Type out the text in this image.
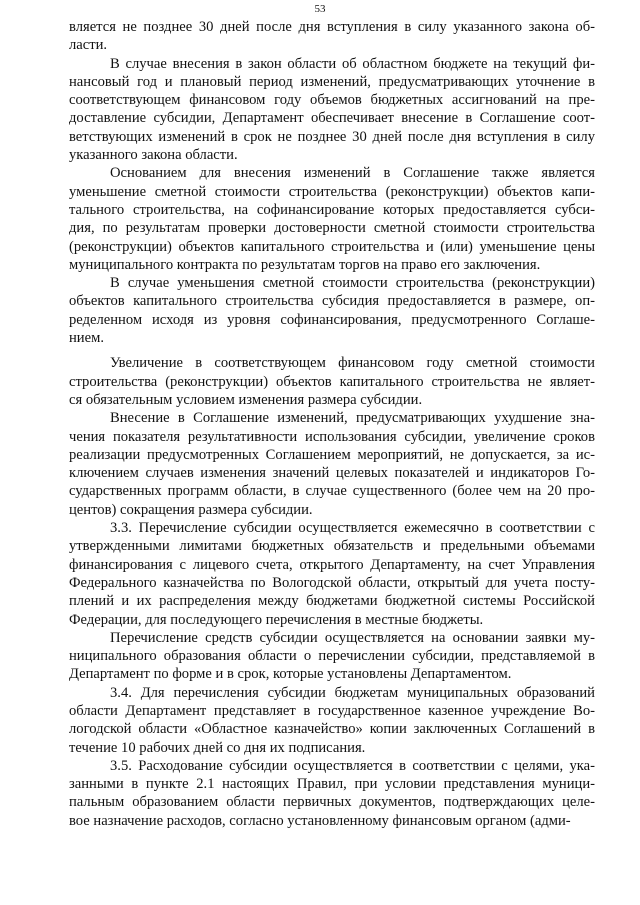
53
вляется не позднее 30 дней после дня вступления в силу указанного закона об-
ласти.
В случае внесения в закон области об областном бюджете на текущий фи-
нансовый год и плановый период изменений, предусматривающих уточнение в
соответствующем финансовом году объемов бюджетных ассигнований на пре-
доставление субсидии, Департамент обеспечивает внесение в Соглашение соот-
ветствующих изменений в срок не позднее 30 дней после дня вступления в силу
указанного закона области.
Основанием для внесения изменений в Соглашение также является
уменьшение сметной стоимости строительства (реконструкции) объектов капи-
тального строительства, на софинансирование которых предоставляется субси-
дия, по результатам проверки достоверности сметной стоимости строительства
(реконструкции) объектов капитального строительства и (или) уменьшение цены
муниципального контракта по результатам торгов на право его заключения.
В случае уменьшения сметной стоимости строительства (реконструкции)
объектов капитального строительства субсидия предоставляется в размере, оп-
ределенном исходя из уровня софинансирования, предусмотренного Соглаше-
нием.
Увеличение в соответствующем финансовом году сметной стоимости
строительства (реконструкции) объектов капитального строительства не являет-
ся обязательным условием изменения размера субсидии.
Внесение в Соглашение изменений, предусматривающих ухудшение зна-
чения показателя результативности использования субсидии, увеличение сроков
реализации предусмотренных Соглашением мероприятий, не допускается, за ис-
ключением случаев изменения значений целевых показателей и индикаторов Го-
сударственных программ области, в случае существенного (более чем на 20 про-
центов) сокращения размера субсидии.
3.3. Перечисление субсидии осуществляется ежемесячно в соответствии с
утвержденными лимитами бюджетных обязательств и предельными объемами
финансирования с лицевого счета, открытого Департаменту, на счет Управления
Федерального казначейства по Вологодской области, открытый для учета посту-
плений и их распределения между бюджетами бюджетной системы Российской
Федерации, для последующего перечисления в местные бюджеты.
Перечисление средств субсидии осуществляется на основании заявки му-
ниципального образования области о перечислении субсидии, представляемой в
Департамент по форме и в срок, которые установлены Департаментом.
3.4. Для перечисления субсидии бюджетам муниципальных образований
области Департамент представляет в государственное казенное учреждение Во-
логодской области «Областное казначейство» копии заключенных Соглашений в
течение 10 рабочих дней со дня их подписания.
3.5. Расходование субсидии осуществляется в соответствии с целями, ука-
занными в пункте 2.1 настоящих Правил, при условии представления муници-
пальным образованием области первичных документов, подтверждающих целе-
вое назначение расходов, согласно установленному финансовым органом (адми-
